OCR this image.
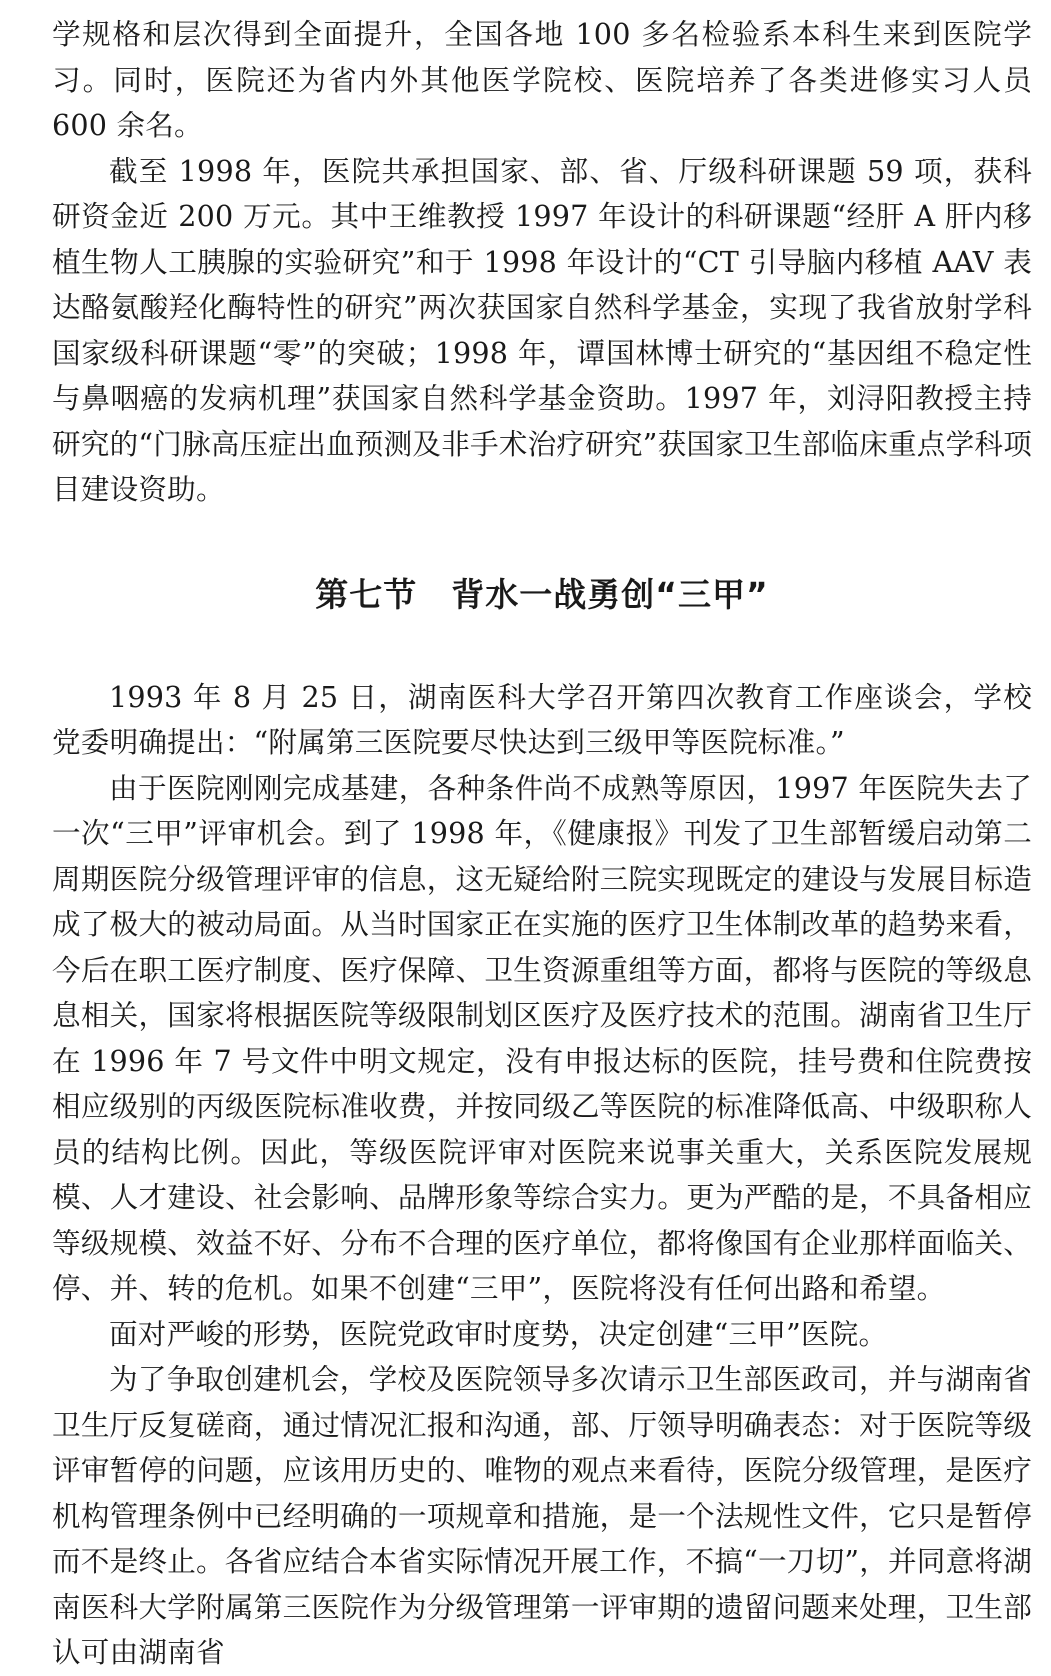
学规格和层次得到全面提升，全国各地 100 多名检验系本科生来到医院学习。同时，医院还为省内外其他医学院校、医院培养了各类进修实习人员 600 余名。

截至 1998 年，医院共承担国家、部、省、厅级科研课题 59 项，获科研资金近 200 万元。其中王维教授 1997 年设计的科研课题“经肝 A 肝内移植生物人工胰腺的实验研究”和于 1998 年设计的“CT 引导脑内移植 AAV 表达酪氨酸羟化酶特性的研究”两次获国家自然科学基金，实现了我省放射学科国家级科研课题“零”的突破；1998 年，谭国林博士研究的“基因组不稳定性与鼻咽癌的发病机理”获国家自然科学基金资助。1997 年，刘浔阳教授主持研究的“门脉高压症出血预测及非手术治疗研究”获国家卫生部临床重点学科项目建设资助。

第七节　背水一战勇创“三甲”

1993 年 8 月 25 日，湖南医科大学召开第四次教育工作座谈会，学校党委明确提出：“附属第三医院要尽快达到三级甲等医院标准。”

由于医院刚刚完成基建，各种条件尚不成熟等原因，1997 年医院失去了一次“三甲”评审机会。到了 1998 年，《健康报》刊发了卫生部暂缓启动第二周期医院分级管理评审的信息，这无疑给附三院实现既定的建设与发展目标造成了极大的被动局面。从当时国家正在实施的医疗卫生体制改革的趋势来看，今后在职工医疗制度、医疗保障、卫生资源重组等方面，都将与医院的等级息息相关，国家将根据医院等级限制划区医疗及医疗技术的范围。湖南省卫生厅在 1996 年 7 号文件中明文规定，没有申报达标的医院，挂号费和住院费按相应级别的丙级医院标准收费，并按同级乙等医院的标准降低高、中级职称人员的结构比例。因此，等级医院评审对医院来说事关重大，关系医院发展规模、人才建设、社会影响、品牌形象等综合实力。更为严酷的是，不具备相应等级规模、效益不好、分布不合理的医疗单位，都将像国有企业那样面临关、停、并、转的危机。如果不创建“三甲”，医院将没有任何出路和希望。

面对严峻的形势，医院党政审时度势，决定创建“三甲”医院。

为了争取创建机会，学校及医院领导多次请示卫生部医政司，并与湖南省卫生厅反复磋商，通过情况汇报和沟通，部、厅领导明确表态：对于医院等级评审暂停的问题，应该用历史的、唯物的观点来看待，医院分级管理，是医疗机构管理条例中已经明确的一项规章和措施，是一个法规性文件，它只是暂停而不是终止。各省应结合本省实际情况开展工作，不搞“一刀切”，并同意将湖南医科大学附属第三医院作为分级管理第一评审期的遗留问题来处理，卫生部认可由湖南省
